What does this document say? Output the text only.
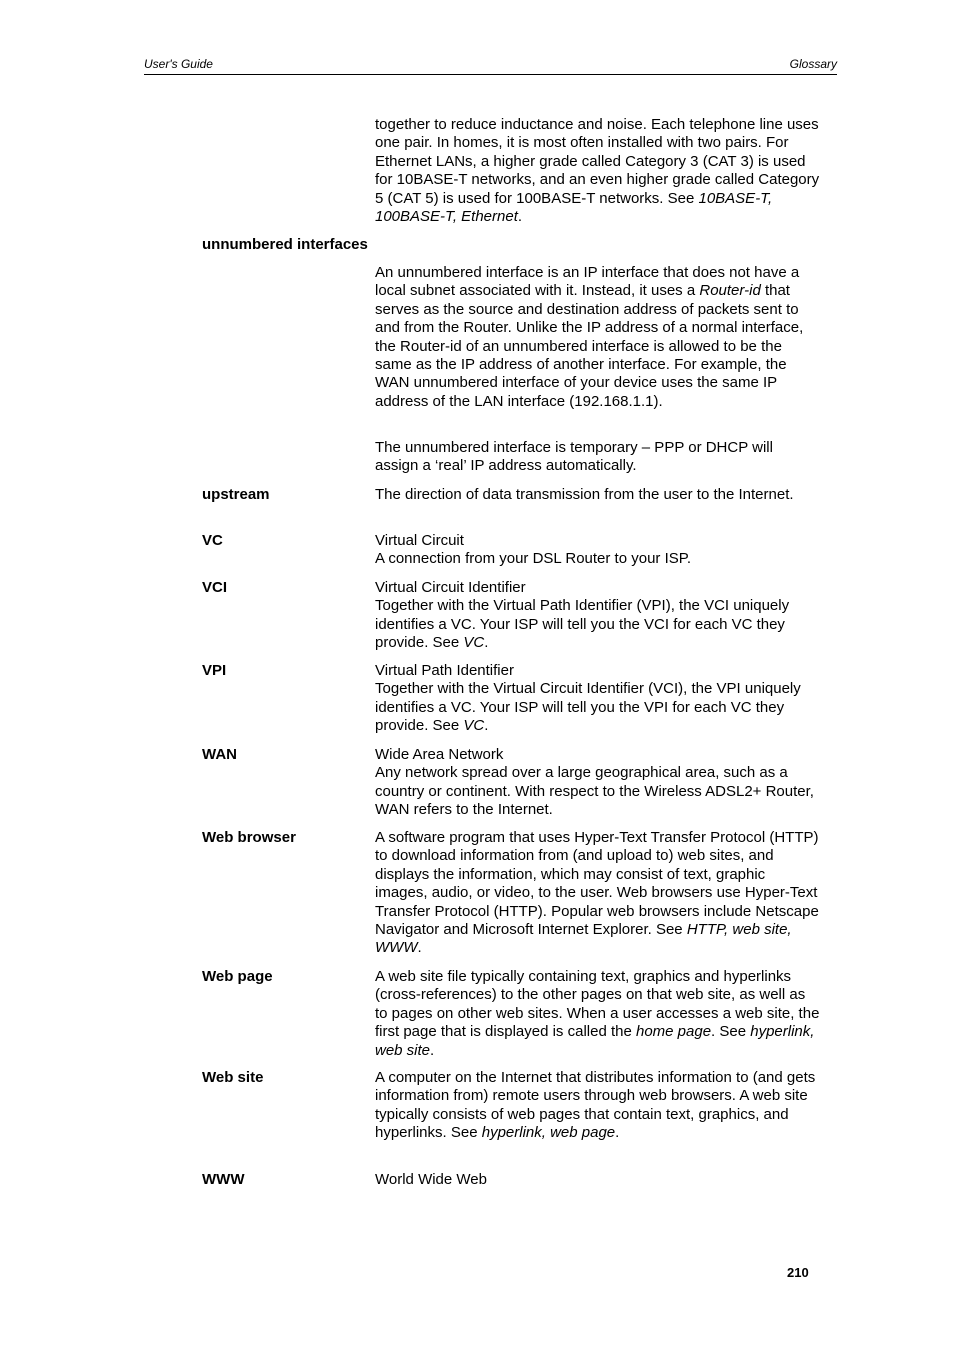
User's Guide	Glossary

together to reduce inductance and noise. Each telephone line uses one pair. In homes, it is most often installed with two pairs. For Ethernet LANs, a higher grade called Category 3 (CAT 3) is used for 10BASE-T networks, and an even higher grade called Category 5 (CAT 5) is used for 100BASE-T networks. See 10BASE-T, 100BASE-T, Ethernet.

unnumbered interfaces

An unnumbered interface is an IP interface that does not have a local subnet associated with it. Instead, it uses a Router-id that serves as the source and destination address of packets sent to and from the Router. Unlike the IP address of a normal interface, the Router-id of an unnumbered interface is allowed to be the same as the IP address of another interface. For example, the WAN unnumbered interface of your device uses the same IP address of the LAN interface (192.168.1.1).

The unnumbered interface is temporary – PPP or DHCP will assign a ‘real’ IP address automatically.

upstream	The direction of data transmission from the user to the Internet.

VC	Virtual Circuit
A connection from your DSL Router to your ISP.

VCI	Virtual Circuit Identifier
Together with the Virtual Path Identifier (VPI), the VCI uniquely identifies a VC. Your ISP will tell you the VCI for each VC they provide. See VC.

VPI	Virtual Path Identifier
Together with the Virtual Circuit Identifier (VCI), the VPI uniquely identifies a VC. Your ISP will tell you the VPI for each VC they provide. See VC.

WAN	Wide Area Network
Any network spread over a large geographical area, such as a country or continent. With respect to the Wireless ADSL2+ Router, WAN refers to the Internet.

Web browser	A software program that uses Hyper-Text Transfer Protocol (HTTP) to download information from (and upload to) web sites, and displays the information, which may consist of text, graphic images, audio, or video, to the user. Web browsers use Hyper-Text Transfer Protocol (HTTP). Popular web browsers include Netscape Navigator and Microsoft Internet Explorer. See HTTP, web site, WWW.

Web page	A web site file typically containing text, graphics and hyperlinks (cross-references) to the other pages on that web site, as well as to pages on other web sites. When a user accesses a web site, the first page that is displayed is called the home page. See hyperlink, web site.

Web site	A computer on the Internet that distributes information to (and gets information from) remote users through web browsers. A web site typically consists of web pages that contain text, graphics, and hyperlinks. See hyperlink, web page.

WWW	World Wide Web

210
